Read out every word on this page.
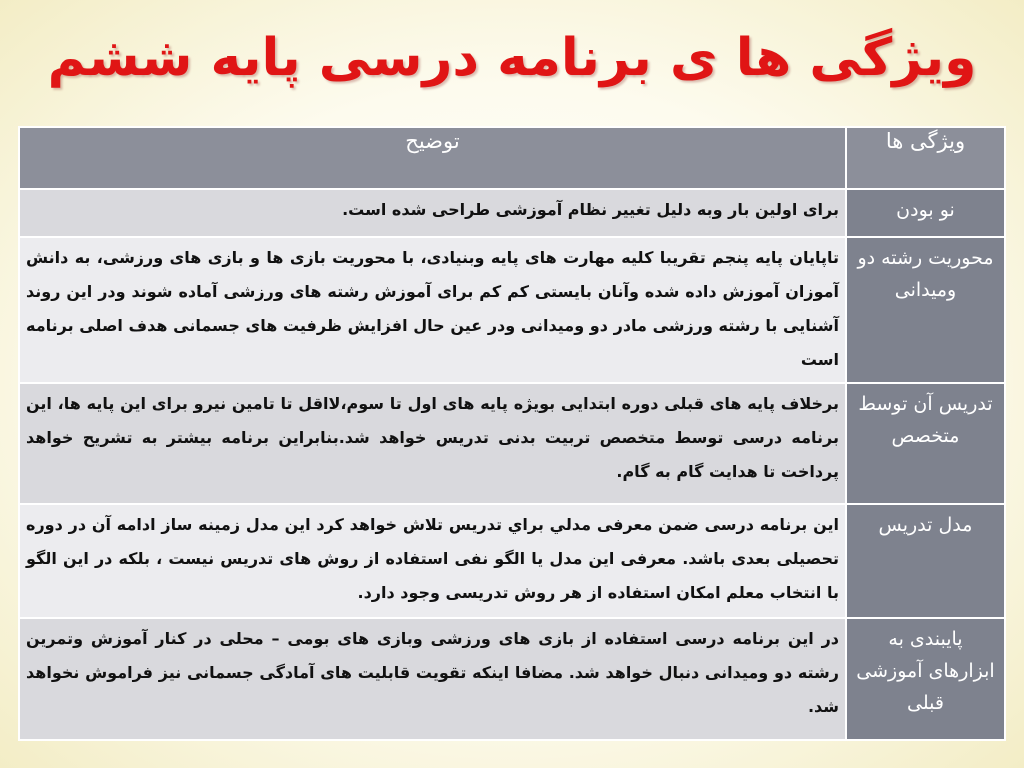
ویژگی ها ی برنامه درسی پایه ششم
ویژگی ها	توضیح
نو بودن	برای اولین بار وبه دلیل تغییر نظام آموزشی طراحی شده است.
محوریت رشته دو ومیدانی	تاپایان پایه پنجم تقریبا کلیه مهارت های پایه وبنیادی، با محوریت بازی ها و بازی های ورزشی، به دانش آموزان آموزش داده شده وآنان بایستی کم کم برای آموزش رشته های ورزشی آماده شوند ودر این روند آشنایی با رشته ورزشی مادر دو ومیدانی ودر عین حال افزایش ظرفیت های جسمانی هدف اصلی برنامه است
تدریس آن توسط متخصص	برخلاف پایه های قبلی دوره ابتدایی بویژه پایه های اول تا سوم،لااقل تا تامین نیرو برای این پایه ها، این برنامه درسی توسط متخصص تربیت بدنی تدریس خواهد شد.بنابراین برنامه بیشتر به تشریح خواهد پرداخت تا هدایت گام به گام.
مدل تدریس	این برنامه درسی ضمن معرفی مدلي براي تدریس تلاش خواهد کرد این مدل زمینه ساز ادامه آن در دوره تحصیلی بعدی باشد. معرفی این مدل یا الگو نفی استفاده از روش های تدریس نیست ، بلکه در این الگو با انتخاب معلم امکان استفاده از هر روش تدریسی وجود دارد.
پایبندی به ابزارهای آموزشی قبلی	در این برنامه درسی استفاده از بازی های ورزشی وبازی های بومی – محلی در کنار آموزش وتمرین رشته دو ومیدانی دنبال خواهد شد. مضافا اینکه تقویت قابلیت های آمادگی جسمانی نیز فراموش نخواهد شد.
